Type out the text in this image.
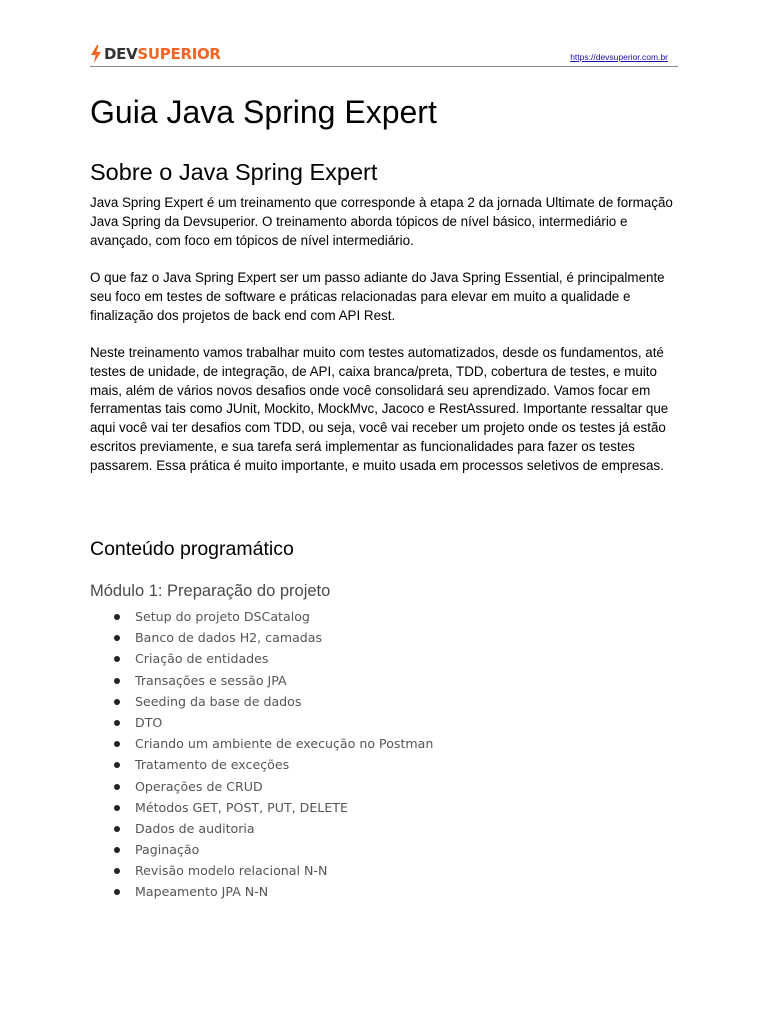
DEV SUPERIOR	https://devsuperior.com.br
Guia Java Spring Expert
Sobre o Java Spring Expert

Java Spring Expert é um treinamento que corresponde à etapa 2 da jornada Ultimate de formação Java Spring da Devsuperior. O treinamento aborda tópicos de nível básico, intermediário e avançado, com foco em tópicos de nível intermediário.

O que faz o Java Spring Expert ser um passo adiante do Java Spring Essential, é principalmente seu foco em testes de software e práticas relacionadas para elevar em muito a qualidade e finalização dos projetos de back end com API Rest.

Neste treinamento vamos trabalhar muito com testes automatizados, desde os fundamentos, até testes de unidade, de integração, de API, caixa branca/preta, TDD, cobertura de testes, e muito mais, além de vários novos desafios onde você consolidará seu aprendizado. Vamos focar em ferramentas tais como JUnit, Mockito, MockMvc, Jacoco e RestAssured. Importante ressaltar que aqui você vai ter desafios com TDD, ou seja, você vai receber um projeto onde os testes já estão escritos previamente, e sua tarefa será implementar as funcionalidades para fazer os testes passarem. Essa prática é muito importante, e muito usada em processos seletivos de empresas.

Conteúdo programático
Módulo 1: Preparação do projeto
Setup do projeto DSCatalog
Banco de dados H2, camadas
Criação de entidades
Transações e sessão JPA
Seeding da base de dados
DTO
Criando um ambiente de execução no Postman
Tratamento de exceções
Operações de CRUD
Métodos GET, POST, PUT, DELETE
Dados de auditoria
Paginação
Revisão modelo relacional N-N
Mapeamento JPA N-N
